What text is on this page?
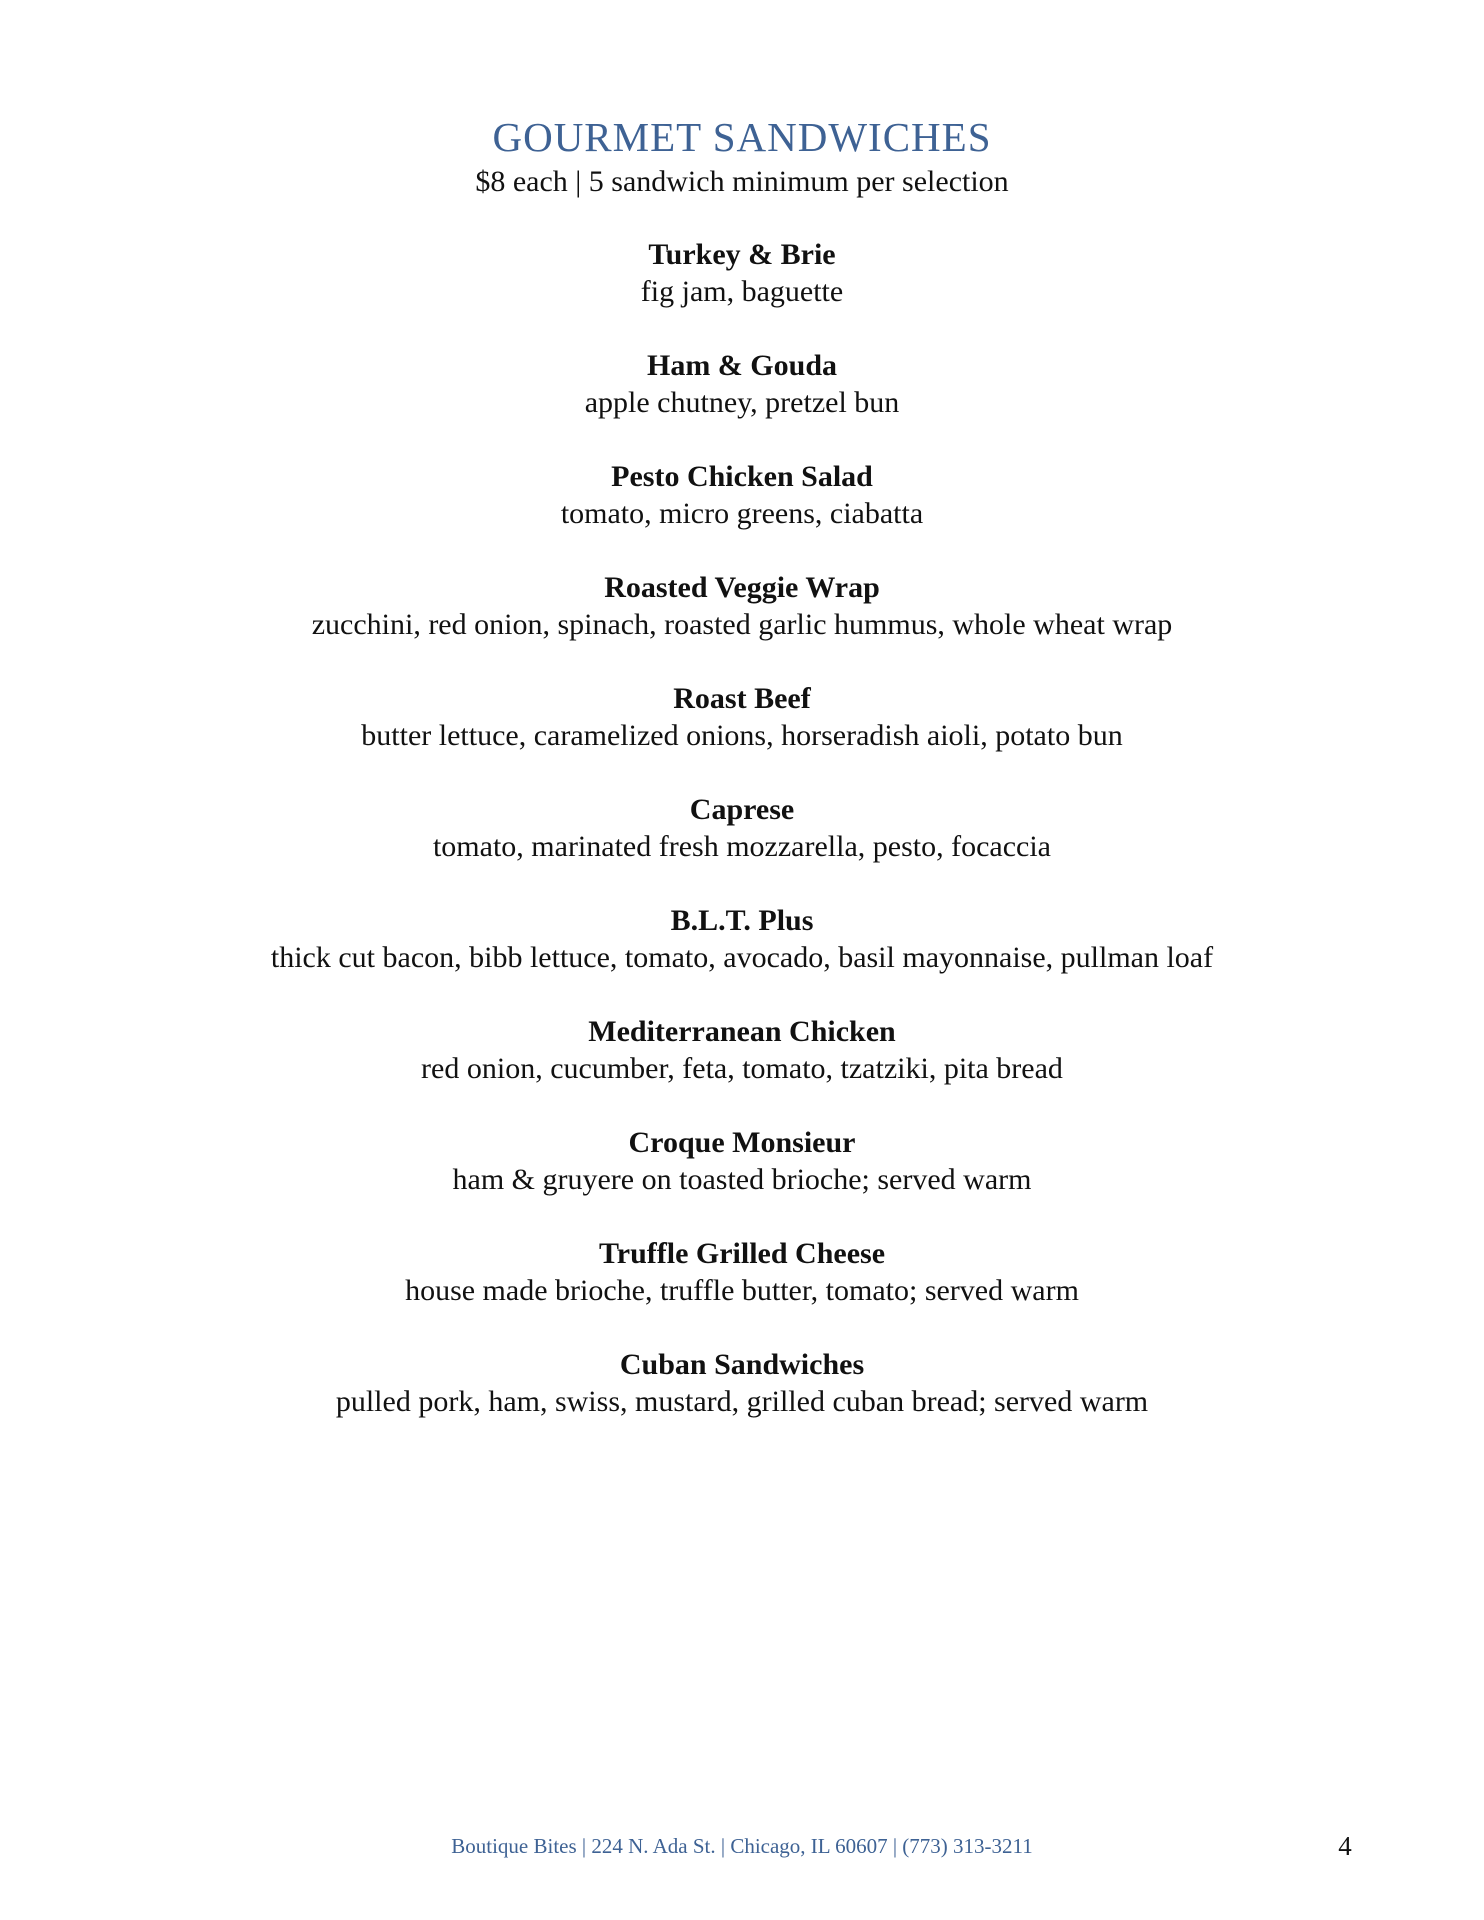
GOURMET SANDWICHES

$8 each | 5 sandwich minimum per selection

Turkey & Brie
fig jam, baguette
Ham & Gouda
apple chutney, pretzel bun
Pesto Chicken Salad
tomato, micro greens, ciabatta
Roasted Veggie Wrap
zucchini, red onion, spinach, roasted garlic hummus, whole wheat wrap
Roast Beef
butter lettuce, caramelized onions, horseradish aioli, potato bun
Caprese
tomato, marinated fresh mozzarella, pesto, focaccia
B.L.T. Plus
thick cut bacon, bibb lettuce, tomato, avocado, basil mayonnaise, pullman loaf
Mediterranean Chicken
red onion, cucumber, feta, tomato, tzatziki, pita bread
Croque Monsieur
ham & gruyere on toasted brioche; served warm
Truffle Grilled Cheese
house made brioche, truffle butter, tomato; served warm
Cuban Sandwiches
pulled pork, ham, swiss, mustard, grilled cuban bread; served warm
Boutique Bites | 224 N. Ada St. | Chicago, IL 60607 | (773) 313-3211	4
